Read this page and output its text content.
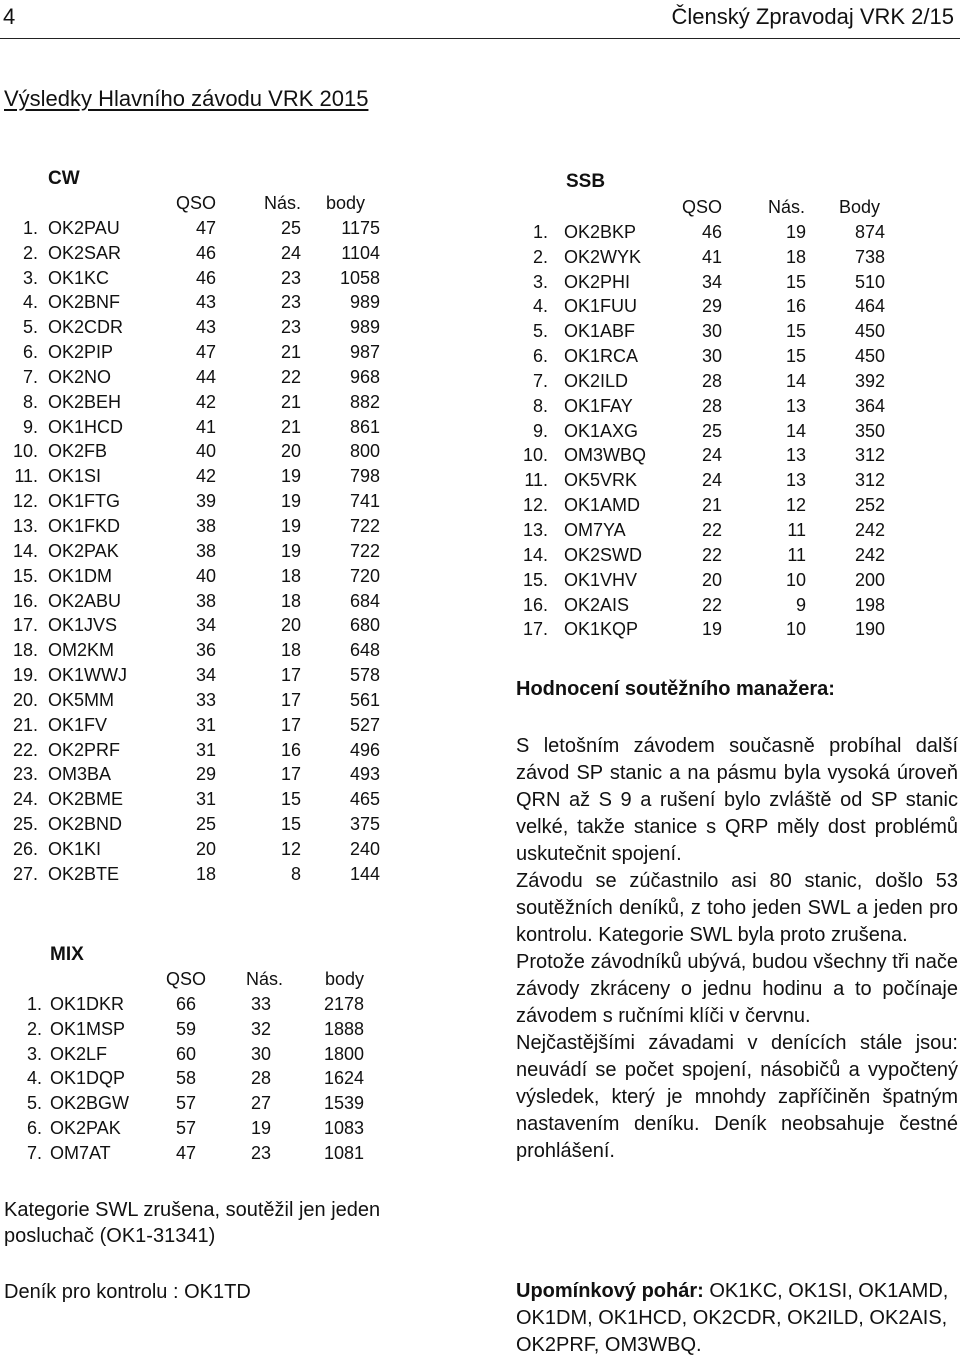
4	Členský Zpravodaj VRK 2/15
Výsledky Hlavního závodu VRK 2015
CW
QSO	Nás.	body
1. OK2PAU	47	25	1175
2. OK2SAR	46	24	1104
3. OK1KC	46	23	1058
4. OK2BNF	43	23	989
5. OK2CDR	43	23	989
6. OK2PIP	47	21	987
7. OK2NO	44	22	968
8. OK2BEH	42	21	882
9. OK1HCD	41	21	861
10. OK2FB	40	20	800
11. OK1SI	42	19	798
12. OK1FTG	39	19	741
13. OK1FKD	38	19	722
14. OK2PAK	38	19	722
15. OK1DM	40	18	720
16. OK2ABU	38	18	684
17. OK1JVS	34	20	680
18. OM2KM	36	18	648
19. OK1WWJ	34	17	578
20. OK5MM	33	17	561
21. OK1FV	31	17	527
22. OK2PRF	31	16	496
23. OM3BA	29	17	493
24. OK2BME	31	15	465
25. OK2BND	25	15	375
26. OK1KI	20	12	240
27. OK2BTE	18	8	144
MIX
QSO	Nás.	body
1. OK1DKR	66	33	2178
2. OK1MSP	59	32	1888
3. OK2LF	60	30	1800
4. OK1DQP	58	28	1624
5. OK2BGW	57	27	1539
6. OK2PAK	57	19	1083
7. OM7AT	47	23	1081
Kategorie SWL zrušena, soutěžil jen jeden posluchač (OK1-31341)
Deník pro kontrolu : OK1TD
SSB
QSO	Nás.	Body
1. OK2BKP	46	19	874
2. OK2WYK	41	18	738
3. OK2PHI	34	15	510
4. OK1FUU	29	16	464
5. OK1ABF	30	15	450
6. OK1RCA	30	15	450
7. OK2ILD	28	14	392
8. OK1FAY	28	13	364
9. OK1AXG	25	14	350
10. OM3WBQ	24	13	312
11. OK5VRK	24	13	312
12. OK1AMD	21	12	252
13. OM7YA	22	11	242
14. OK2SWD	22	11	242
15. OK1VHV	20	10	200
16. OK2AIS	22	9	198
17. OK1KQP	19	10	190
Hodnocení soutěžního manažera:

S letošním závodem současně probíhal další závod SP stanic a na pásmu byla vysoká úroveň QRN až S 9 a rušení bylo zvláště od SP stanic velké, takže stanice s QRP měly dost problémů uskutečnit spojení.

Závodu se zúčastnilo asi 80 stanic, došlo 53 soutěžních deníků, z toho jeden SWL a jeden pro kontrolu. Kategorie SWL byla proto zrušena.

Protože závodníků ubývá, budou všechny tři nače závody zkráceny o jednu hodinu a to počínaje závodem s ručními klíči v červnu.

Nejčastějšími závadami v denících stále jsou: neuvádí se počet spojení, násobičů a vypočtený výsledek, který je mnohdy zapříčiněn špatným nastavením deníku. Deník neobsahuje čestné prohlášení.

Upomínkový pohár: OK1KC, OK1SI, OK1AMD, OK1DM, OK1HCD, OK2CDR, OK2ILD, OK2AIS, OK2PRF, OM3WBQ.
